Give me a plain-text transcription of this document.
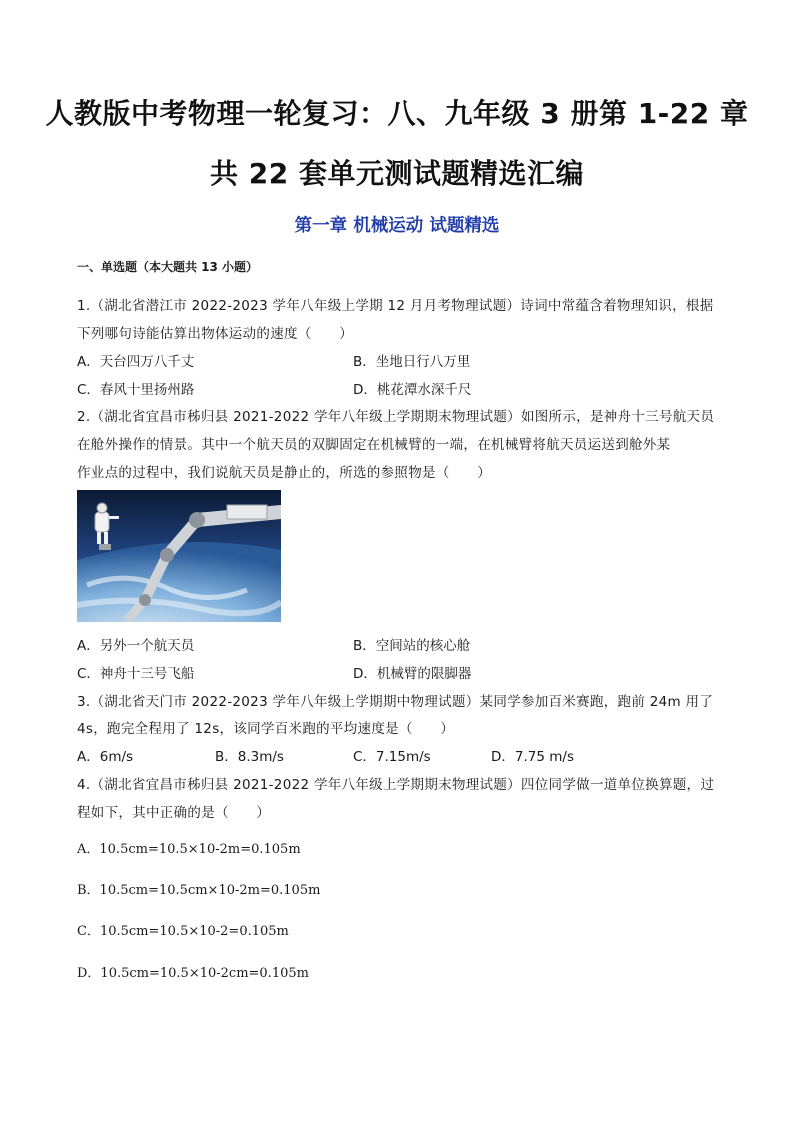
人教版中考物理一轮复习：八、九年级 3 册第 1-22 章
共 22 套单元测试题精选汇编
第一章 机械运动 试题精选
一、单选题（本大题共 13 小题）
1.（湖北省潜江市 2022-2023 学年八年级上学期 12 月月考物理试题）诗词中常蕴含着物理知识，根据
下列哪句诗能估算出物体运动的速度（　　）
A．天台四万八千丈	B．坐地日行八万里
C．春风十里扬州路	D．桃花潭水深千尺
2.（湖北省宜昌市秭归县 2021-2022 学年八年级上学期期末物理试题）如图所示，是神舟十三号航天员
在舱外操作的情景。其中一个航天员的双脚固定在机械臂的一端，在机械臂将航天员运送到舱外某
作业点的过程中，我们说航天员是静止的，所选的参照物是（　　）
A．另外一个航天员	B．空间站的核心舱
C．神舟十三号飞船	D．机械臂的限脚器
3.（湖北省天门市 2022-2023 学年八年级上学期期中物理试题）某同学参加百米赛跑，跑前 24m 用了
4s，跑完全程用了 12s，该同学百米跑的平均速度是（　　）
A．6m/s	B．8.3m/s	C．7.15m/s	D．7.75 m/s
4.（湖北省宜昌市秭归县 2021-2022 学年八年级上学期期末物理试题）四位同学做一道单位换算题，过
程如下，其中正确的是（　　）
A．10.5cm=10.5×10-2m=0.105m
B．10.5cm=10.5cm×10-2m=0.105m
C．10.5cm=10.5×10-2=0.105m
D．10.5cm=10.5×10-2cm=0.105m
